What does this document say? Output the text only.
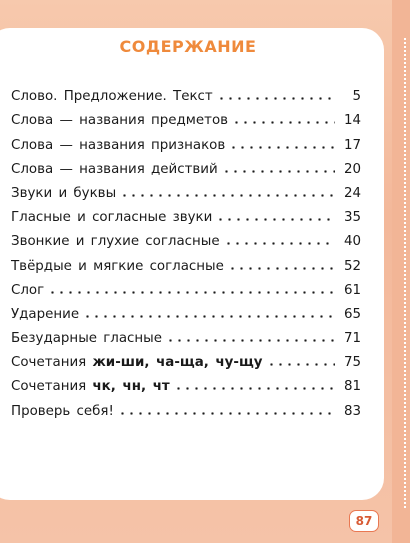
СОДЕРЖАНИЕ
Слово. Предложение. Текст	5
Слова — названия предметов	14
Слова — названия признаков	17
Слова — названия действий	20
Звуки и буквы	24
Гласные и согласные звуки	35
Звонкие и глухие согласные	40
Твёрдые и мягкие согласные	52
Слог	61
Ударение	65
Безударные гласные	71
Сочетания жи-ши, ча-ща, чу-щу	75
Сочетания чк, чн, чт	81
Проверь себя!	83
87
